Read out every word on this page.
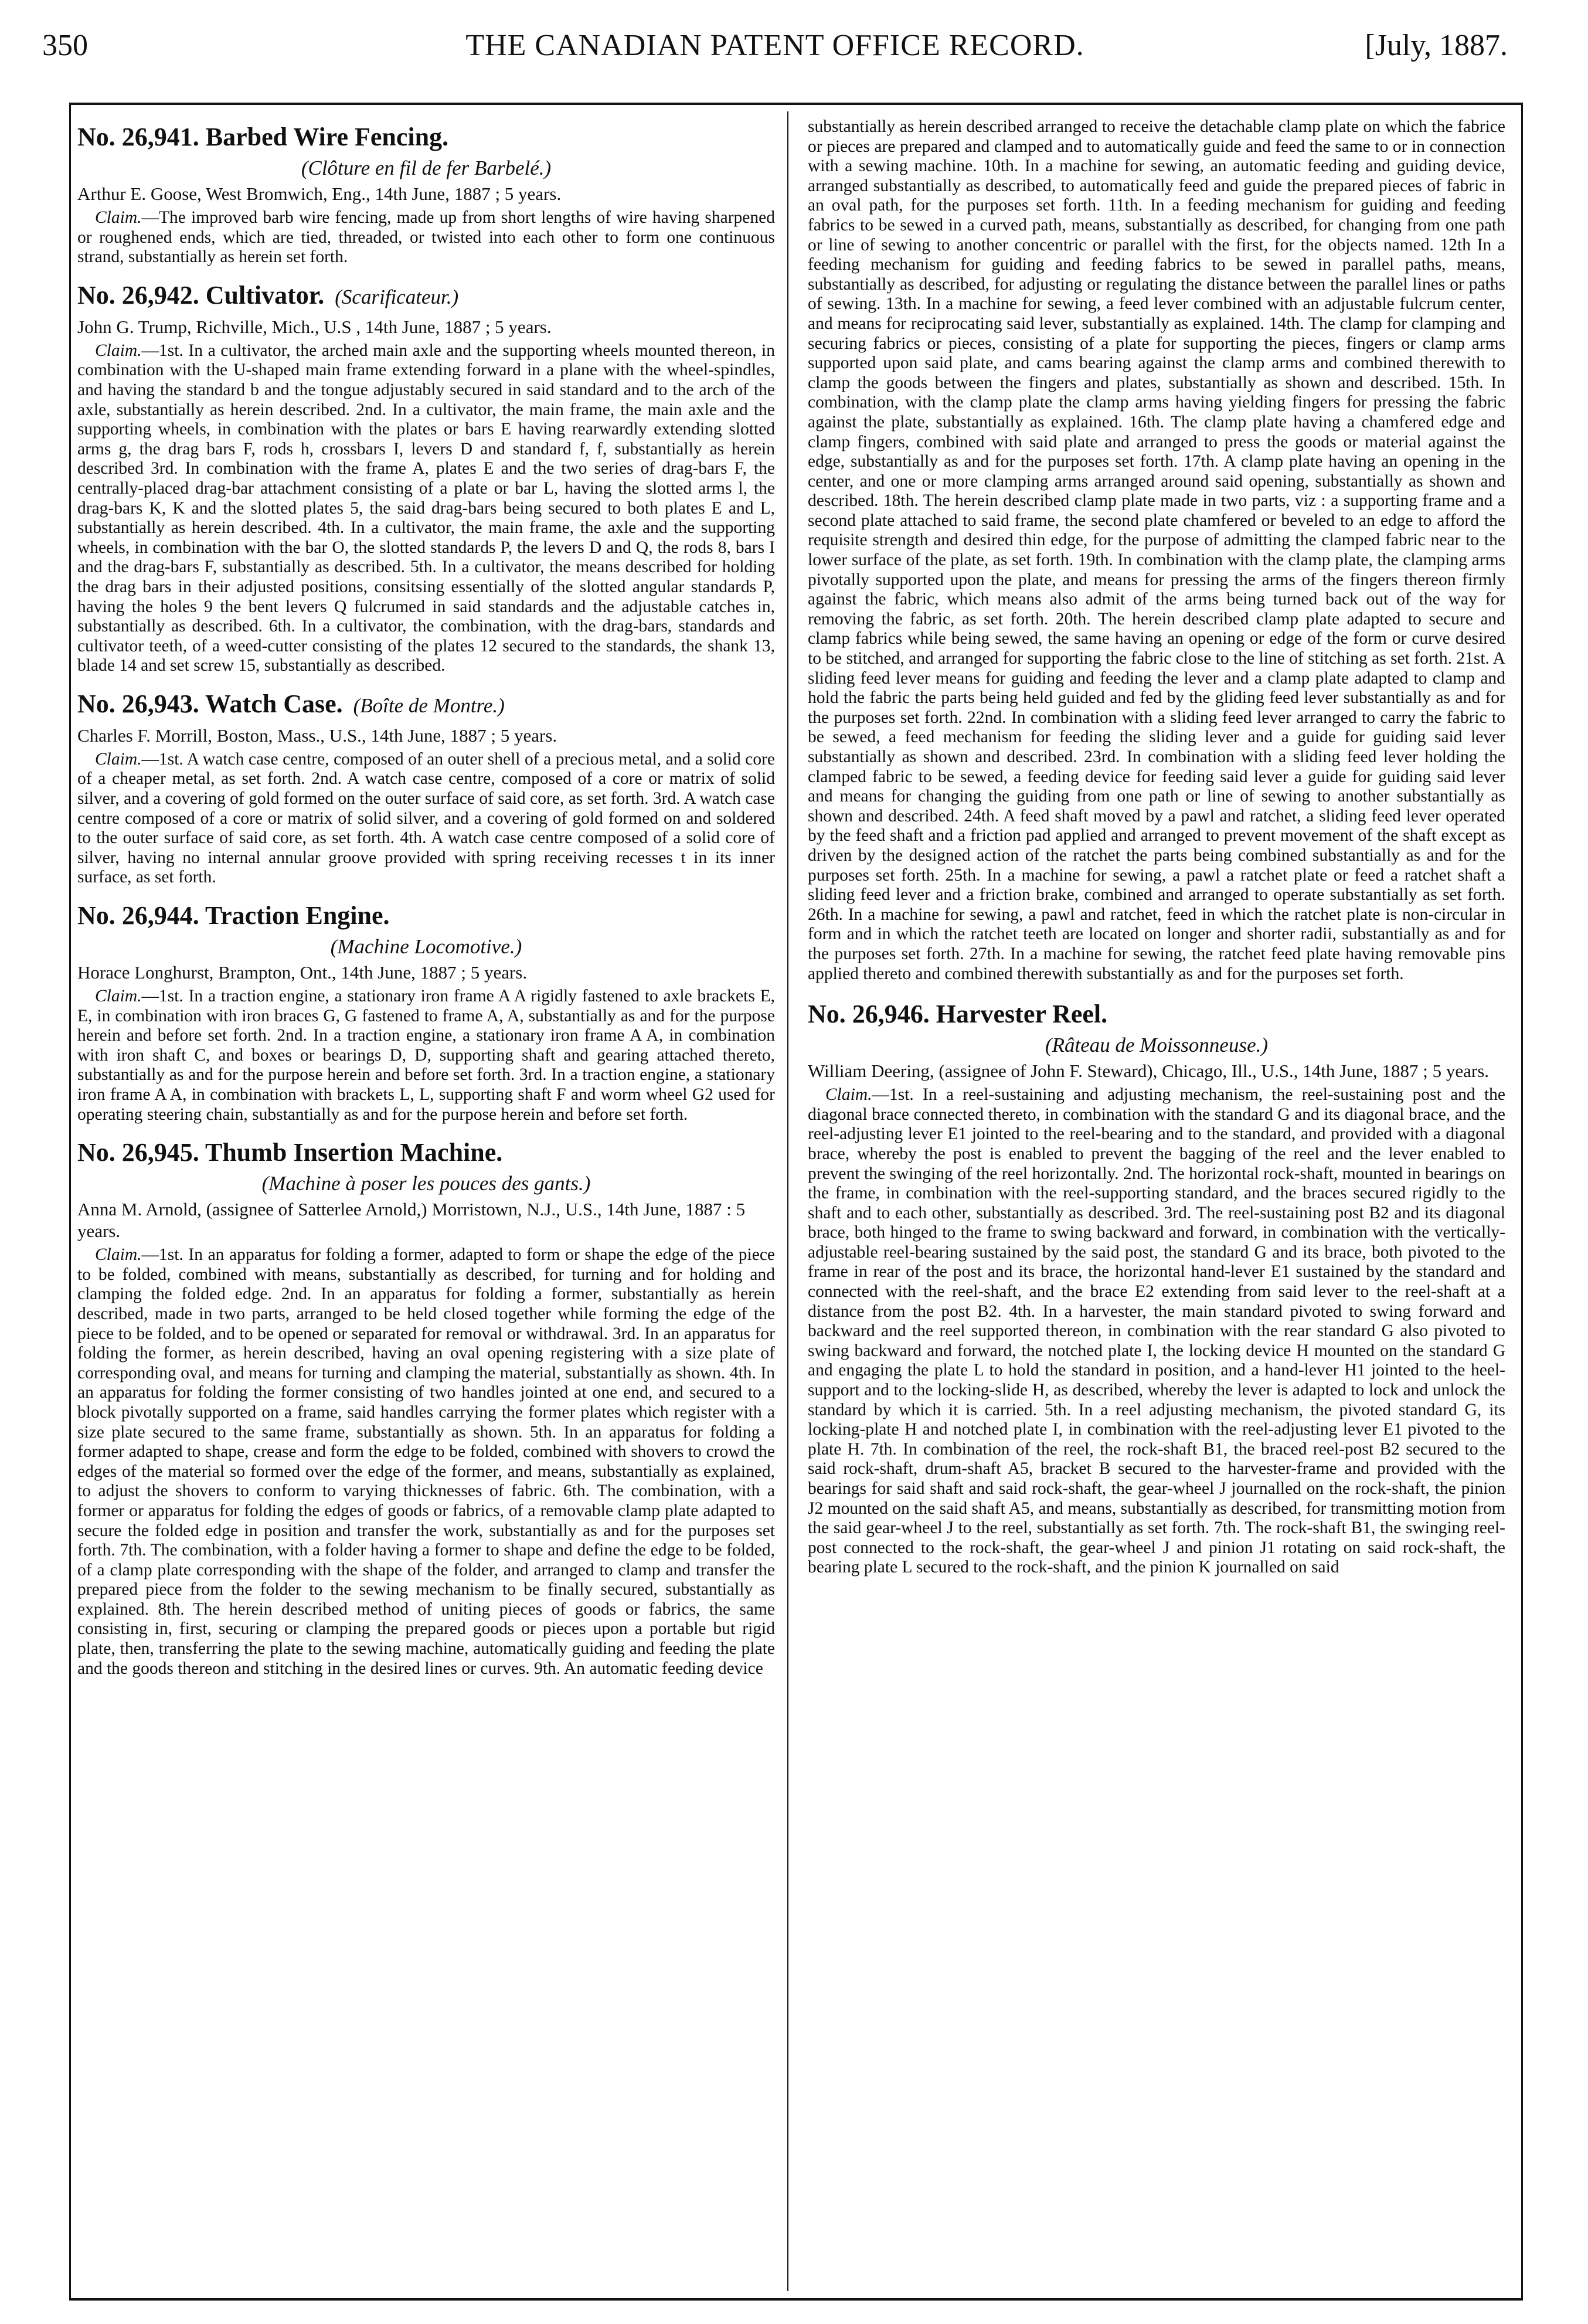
350	THE CANADIAN PATENT OFFICE RECORD.	[July, 1887.
No. 26,941. Barbed Wire Fencing.
(Clôture en fil de fer Barbelé.)
Arthur E. Goose, West Bromwich, Eng., 14th June, 1887 ; 5 years.

Claim.—The improved barb wire fencing, made up from short lengths of wire having sharpened or roughened ends, which are tied, threaded, or twisted into each other to form one continuous strand, substantially as herein set forth.

No. 26,942. Cultivator. (Scarificateur.)
John G. Trump, Richville, Mich., U.S , 14th June, 1887 ; 5 years.

Claim.—1st. In a cultivator, the arched main axle and the supporting wheels mounted thereon, in combination with the U-shaped main frame extending forward in a plane with the wheel-spindles, and having the standard b and the tongue adjustably secured in said standard and to the arch of the axle, substantially as herein described. 2nd. In a cultivator, the main frame, the main axle and the supporting wheels, in combination with the plates or bars E having rearwardly extending slotted arms g, the drag bars F, rods h, crossbars I, levers D and standard f, f, substantially as herein described 3rd. In combination with the frame A, plates E and the two series of drag-bars F, the centrally-placed drag-bar attachment consisting of a plate or bar L, having the slotted arms l, the drag-bars K, K and the slotted plates 5, the said drag-bars being secured to both plates E and L, substantially as herein described. 4th. In a cultivator, the main frame, the axle and the supporting wheels, in combination with the bar O, the slotted standards P, the levers D and Q, the rods 8, bars I and the drag-bars F, substantially as described. 5th. In a cultivator, the means described for holding the drag bars in their adjusted positions, consitsing essentially of the slotted angular standards P, having the holes 9 the bent levers Q fulcrumed in said standards and the adjustable catches in, substantially as described. 6th. In a cultivator, the combination, with the drag-bars, standards and cultivator teeth, of a weed-cutter consisting of the plates 12 secured to the standards, the shank 13, blade 14 and set screw 15, substantially as described.

No. 26,943. Watch Case. (Boîte de Montre.)
Charles F. Morrill, Boston, Mass., U.S., 14th June, 1887 ; 5 years.

Claim.—1st. A watch case centre, composed of an outer shell of a precious metal, and a solid core of a cheaper metal, as set forth. 2nd. A watch case centre, composed of a core or matrix of solid silver, and a covering of gold formed on the outer surface of said core, as set forth. 3rd. A watch case centre composed of a core or matrix of solid silver, and a covering of gold formed on and soldered to the outer surface of said core, as set forth. 4th. A watch case centre composed of a solid core of silver, having no internal annular groove provided with spring receiving recesses t in its inner surface, as set forth.

No. 26,944. Traction Engine.
(Machine Locomotive.)
Horace Longhurst, Brampton, Ont., 14th June, 1887 ; 5 years.

Claim.—1st. In a traction engine, a stationary iron frame A A rigidly fastened to axle brackets E, E, in combination with iron braces G, G fastened to frame A, A, substantially as and for the purpose herein and before set forth. 2nd. In a traction engine, a stationary iron frame A A, in combination with iron shaft C, and boxes or bearings D, D, supporting shaft and gearing attached thereto, substantially as and for the purpose herein and before set forth. 3rd. In a traction engine, a stationary iron frame A A, in combination with brackets L, L, supporting shaft F and worm wheel G2 used for operating steering chain, substantially as and for the purpose herein and before set forth.

No. 26,945. Thumb Insertion Machine.
(Machine à poser les pouces des gants.)
Anna M. Arnold, (assignee of Satterlee Arnold,) Morristown, N.J., U.S., 14th June, 1887 : 5 years.

Claim.—1st. In an apparatus for folding a former, adapted to form or shape the edge of the piece to be folded, combined with means, substantially as described, for turning and for holding and clamping the folded edge. 2nd. In an apparatus for folding a former, substantially as herein described, made in two parts, arranged to be held closed together while forming the edge of the piece to be folded, and to be opened or separated for removal or withdrawal. 3rd. In an apparatus for folding the former, as herein described, having an oval opening registering with a size plate of corresponding oval, and means for turning and clamping the material, substantially as shown. 4th. In an apparatus for folding the former consisting of two handles jointed at one end, and secured to a block pivotally supported on a frame, said handles carrying the former plates which register with a size plate secured to the same frame, substantially as shown. 5th. In an apparatus for folding a former adapted to shape, crease and form the edge to be folded, combined with shovers to crowd the edges of the material so formed over the edge of the former, and means, substantially as explained, to adjust the shovers to conform to varying thicknesses of fabric. 6th. The combination, with a former or apparatus for folding the edges of goods or fabrics, of a removable clamp plate adapted to secure the folded edge in position and transfer the work, substantially as and for the purposes set forth. 7th. The combination, with a folder having a former to shape and define the edge to be folded, of a clamp plate corresponding with the shape of the folder, and arranged to clamp and transfer the prepared piece from the folder to the sewing mechanism to be finally secured, substantially as explained. 8th. The herein described method of uniting pieces of goods or fabrics, the same consisting in, first, securing or clamping the prepared goods or pieces upon a portable but rigid plate, then, transferring the plate to the sewing machine, automatically guiding and feeding the plate and the goods thereon and stitching in the desired lines or curves. 9th. An automatic feeding device

substantially as herein described arranged to receive the detachable clamp plate on which the fabrice or pieces are prepared and clamped and to automatically guide and feed the same to or in connection with a sewing machine. 10th. In a machine for sewing, an automatic feeding and guiding device, arranged substantially as described, to automatically feed and guide the prepared pieces of fabric in an oval path, for the purposes set forth. 11th. In a feeding mechanism for guiding and feeding fabrics to be sewed in a curved path, means, substantially as described, for changing from one path or line of sewing to another concentric or parallel with the first, for the objects named. 12th In a feeding mechanism for guiding and feeding fabrics to be sewed in parallel paths, means, substantially as described, for adjusting or regulating the distance between the parallel lines or paths of sewing. 13th. In a machine for sewing, a feed lever combined with an adjustable fulcrum center, and means for reciprocating said lever, substantially as explained. 14th. The clamp for clamping and securing fabrics or pieces, consisting of a plate for supporting the pieces, fingers or clamp arms supported upon said plate, and cams bearing against the clamp arms and combined therewith to clamp the goods between the fingers and plates, substantially as shown and described. 15th. In combination, with the clamp plate the clamp arms having yielding fingers for pressing the fabric against the plate, substantially as explained. 16th. The clamp plate having a chamfered edge and clamp fingers, combined with said plate and arranged to press the goods or material against the edge, substantially as and for the purposes set forth. 17th. A clamp plate having an opening in the center, and one or more clamping arms arranged around said opening, substantially as shown and described. 18th. The herein described clamp plate made in two parts, viz : a supporting frame and a second plate attached to said frame, the second plate chamfered or beveled to an edge to afford the requisite strength and desired thin edge, for the purpose of admitting the clamped fabric near to the lower surface of the plate, as set forth. 19th. In combination with the clamp plate, the clamping arms pivotally supported upon the plate, and means for pressing the arms of the fingers thereon firmly against the fabric, which means also admit of the arms being turned back out of the way for removing the fabric, as set forth. 20th. The herein described clamp plate adapted to secure and clamp fabrics while being sewed, the same having an opening or edge of the form or curve desired to be stitched, and arranged for supporting the fabric close to the line of stitching as set forth. 21st. A sliding feed lever means for guiding and feeding the lever and a clamp plate adapted to clamp and hold the fabric the parts being held guided and fed by the gliding feed lever substantially as and for the purposes set forth. 22nd. In combination with a sliding feed lever arranged to carry the fabric to be sewed, a feed mechanism for feeding the sliding lever and a guide for guiding said lever substantially as shown and described. 23rd. In combination with a sliding feed lever holding the clamped fabric to be sewed, a feeding device for feeding said lever a guide for guiding said lever and means for changing the guiding from one path or line of sewing to another substantially as shown and described. 24th. A feed shaft moved by a pawl and ratchet, a sliding feed lever operated by the feed shaft and a friction pad applied and arranged to prevent movement of the shaft except as driven by the designed action of the ratchet the parts being combined substantially as and for the purposes set forth. 25th. In a machine for sewing, a pawl a ratchet plate or feed a ratchet shaft a sliding feed lever and a friction brake, combined and arranged to operate substantially as set forth. 26th. In a machine for sewing, a pawl and ratchet, feed in which the ratchet plate is non-circular in form and in which the ratchet teeth are located on longer and shorter radii, substantially as and for the purposes set forth. 27th. In a machine for sewing, the ratchet feed plate having removable pins applied thereto and combined therewith substantially as and for the purposes set forth.

No. 26,946. Harvester Reel.
(Râteau de Moissonneuse.)
William Deering, (assignee of John F. Steward), Chicago, Ill., U.S., 14th June, 1887 ; 5 years.

Claim.—1st. In a reel-sustaining and adjusting mechanism, the reel-sustaining post and the diagonal brace connected thereto, in combination with the standard G and its diagonal brace, and the reel-adjusting lever E1 jointed to the reel-bearing and to the standard, and provided with a diagonal brace, whereby the post is enabled to prevent the bagging of the reel and the lever enabled to prevent the swinging of the reel horizontally. 2nd. The horizontal rock-shaft, mounted in bearings on the frame, in combination with the reel-supporting standard, and the braces secured rigidly to the shaft and to each other, substantially as described. 3rd. The reel-sustaining post B2 and its diagonal brace, both hinged to the frame to swing backward and forward, in combination with the vertically-adjustable reel-bearing sustained by the said post, the standard G and its brace, both pivoted to the frame in rear of the post and its brace, the horizontal hand-lever E1 sustained by the standard and connected with the reel-shaft, and the brace E2 extending from said lever to the reel-shaft at a distance from the post B2. 4th. In a harvester, the main standard pivoted to swing forward and backward and the reel supported thereon, in combination with the rear standard G also pivoted to swing backward and forward, the notched plate I, the locking device H mounted on the standard G and engaging the plate L to hold the standard in position, and a hand-lever H1 jointed to the heel-support and to the locking-slide H, as described, whereby the lever is adapted to lock and unlock the standard by which it is carried. 5th. In a reel adjusting mechanism, the pivoted standard G, its locking-plate H and notched plate I, in combination with the reel-adjusting lever E1 pivoted to the plate H. 7th. In combination of the reel, the rock-shaft B1, the braced reel-post B2 secured to the said rock-shaft, drum-shaft A5, bracket B secured to the harvester-frame and provided with the bearings for said shaft and said rock-shaft, the gear-wheel J journalled on the rock-shaft, the pinion J2 mounted on the said shaft A5, and means, substantially as described, for transmitting motion from the said gear-wheel J to the reel, substantially as set forth. 7th. The rock-shaft B1, the swinging reel-post connected to the rock-shaft, the gear-wheel J and pinion J1 rotating on said rock-shaft, the bearing plate L secured to the rock-shaft, and the pinion K journalled on said
